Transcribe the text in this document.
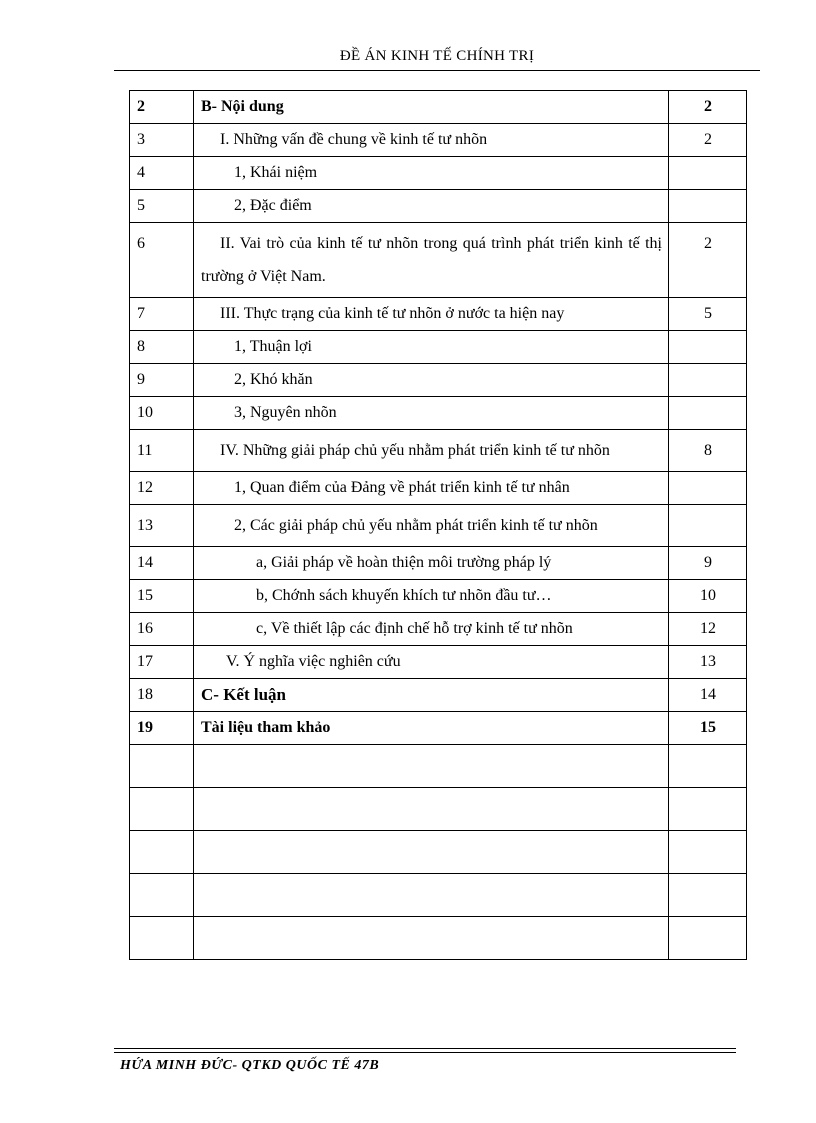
ĐỀ ÁN KINH TẾ CHÍNH TRỊ
2	B- Nội dung	2
3	I. Những vấn đề chung về kinh tế tư nhõn	2
4	1, Khái niệm	
5	2, Đặc điểm	
6	II. Vai trò của kinh tế tư nhõn trong quá trình phát triển kinh tế thị trường ở Việt Nam.	2
7	III. Thực trạng của kinh tế tư nhõn ở nước ta hiện nay	5
8	1, Thuận lợi	
9	2, Khó khăn	
10	3, Nguyên nhõn	
11	IV. Những giải pháp chủ yếu nhằm phát triển kinh tế tư nhõn	8
12	1, Quan điểm của Đảng về phát triển kinh tế tư nhân	
13	2, Các giải pháp chủ yếu nhằm phát triển kinh tế tư nhõn	
14	a, Giải pháp về hoàn thiện môi trường pháp lý	9
15	b, Chớnh sách khuyến khích tư nhõn đầu tư…	10
16	c, Về thiết lập các định chế hỗ trợ kinh tế tư nhõn	12
17	V. Ý nghĩa việc nghiên cứu	13
18	C- Kết luận	14
19	Tài liệu tham khảo	15

HỨA MINH ĐỨC- QTKD QUỐC TẾ 47B
